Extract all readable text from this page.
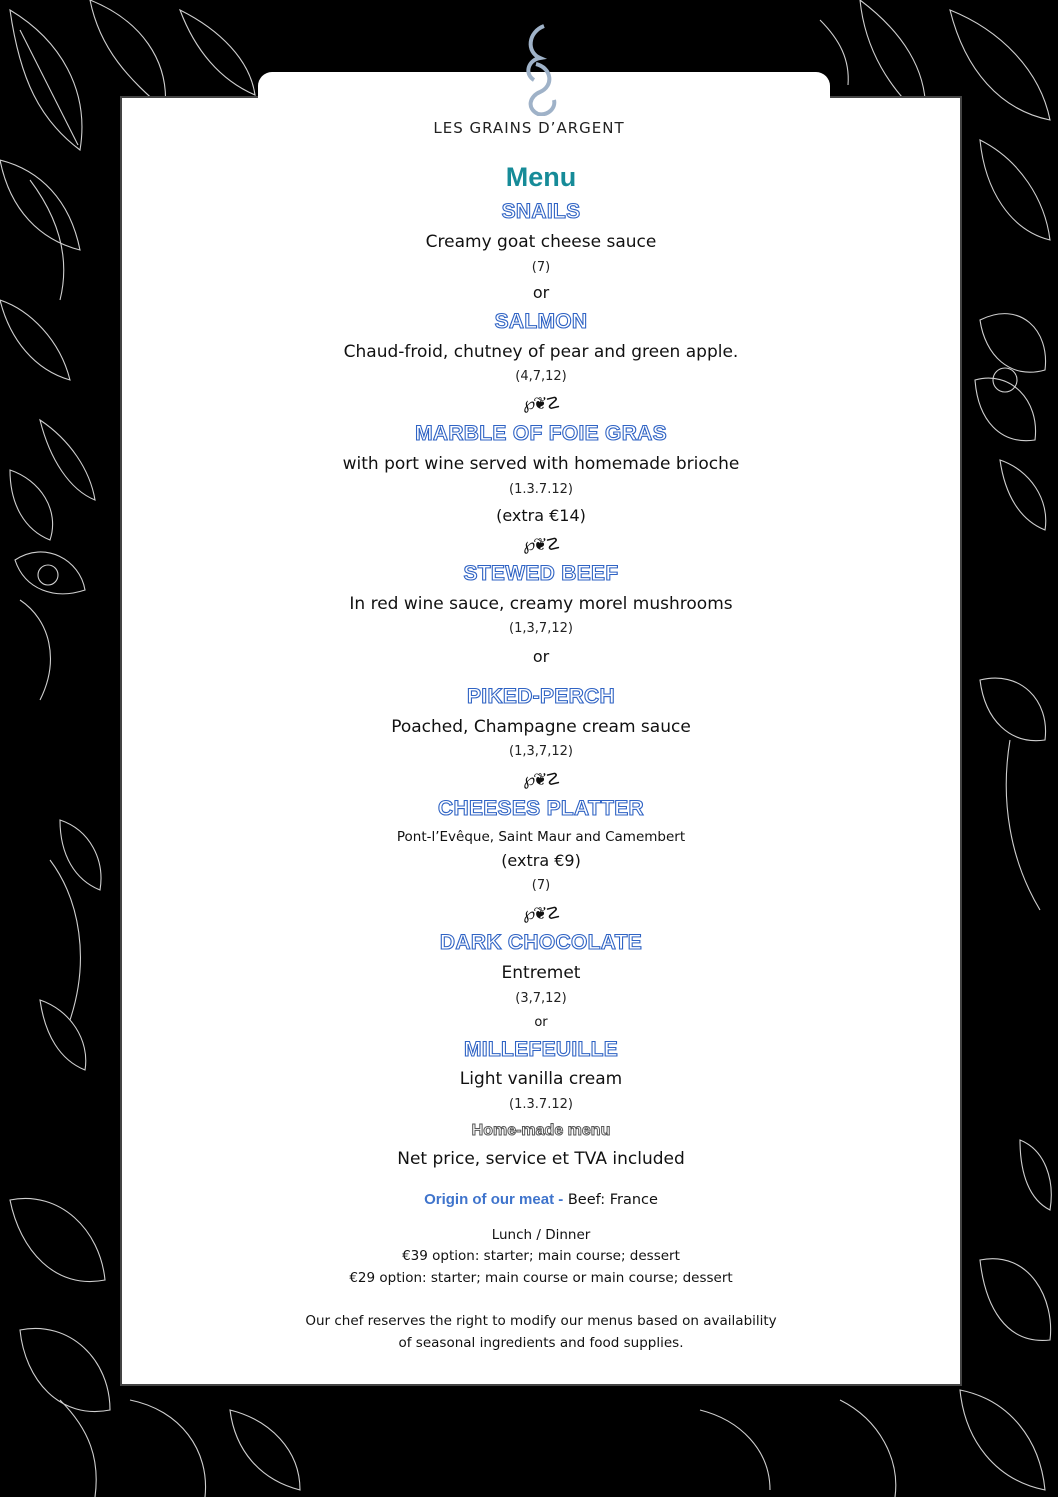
LES GRAINS D’ARGENT
Menu
SNAILS
Creamy goat cheese sauce
(7)
or
SALMON
Chaud-froid, chutney of pear and green apple.
(4,7,12)
℘❦☡
MARBLE OF FOIE GRAS
with port wine served with homemade brioche
(1.3.7.12)
(extra €14)
℘❦☡
STEWED BEEF
In red wine sauce, creamy morel mushrooms
(1,3,7,12)
or
PIKED-PERCH
Poached, Champagne cream sauce
(1,3,7,12)
℘❦☡
CHEESES PLATTER
Pont-l’Evêque, Saint Maur and Camembert
(extra €9)
(7)
℘❦☡
DARK CHOCOLATE
Entremet
(3,7,12)
or
MILLEFEUILLE
Light vanilla cream
(1.3.7.12)
Home-made menu
Net price, service et TVA included
Origin of our meat - Beef: France
Lunch / Dinner
€39 option: starter; main course; dessert
€29 option: starter; main course or main course; dessert
Our chef reserves the right to modify our menus based on availability
of seasonal ingredients and food supplies.
